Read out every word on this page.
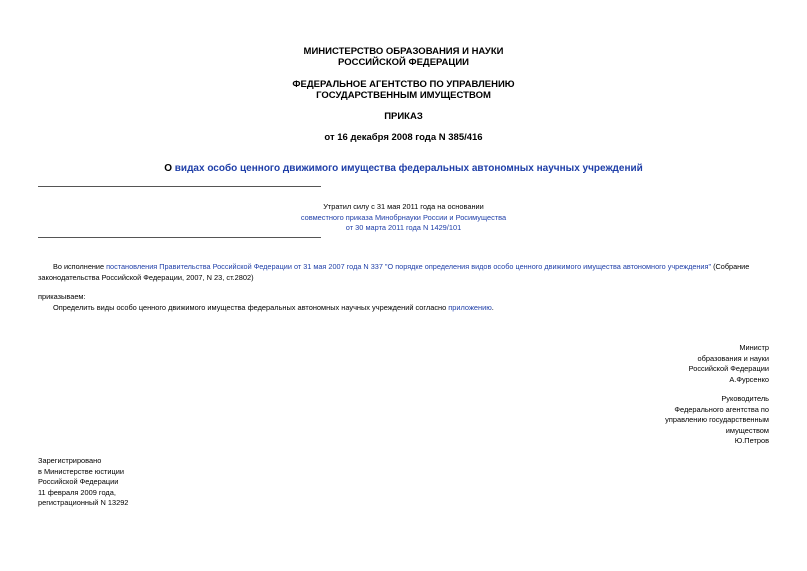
МИНИСТЕРСТВО ОБРАЗОВАНИЯ И НАУКИ
РОССИЙСКОЙ ФЕДЕРАЦИИ
ФЕДЕРАЛЬНОЕ АГЕНТСТВО ПО УПРАВЛЕНИЮ
ГОСУДАРСТВЕННЫМ ИМУЩЕСТВОМ
ПРИКАЗ
от 16 декабря 2008 года N 385/416
О видах особо ценного движимого имущества федеральных автономных научных учреждений
Утратил силу с 31 мая 2011 года на основании
совместного приказа Минобрнауки России и Росимущества
от 30 марта 2011 года N 1429/101
Во исполнение постановления Правительства Российской Федерации от 31 мая 2007 года N 337 "О порядке определения видов особо ценного движимого имущества автономного учреждения" (Собрание
законодательства Российской Федерации, 2007, N 23, ст.2802)
приказываем:
Определить виды особо ценного движимого имущества федеральных автономных научных учреждений согласно приложению.
Министр
образования и науки
Российской Федерации
А.Фурсенко
Руководитель
Федерального агентства по
управлению государственным
имуществом
Ю.Петров
Зарегистрировано
в Министерстве юстиции
Российской Федерации
11 февраля 2009 года,
регистрационный N 13292
